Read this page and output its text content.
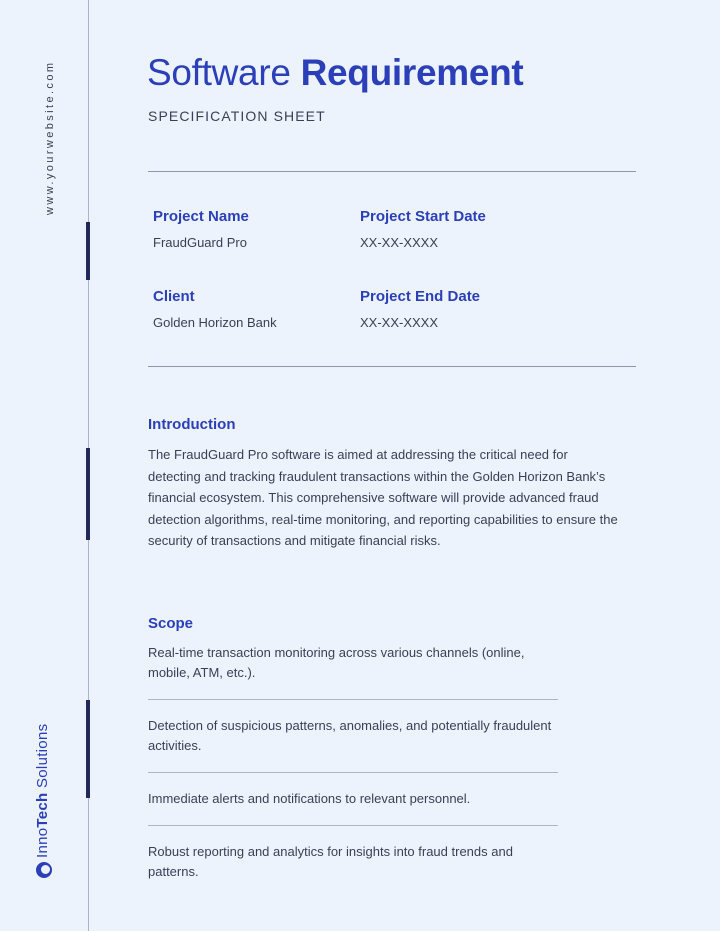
www.yourwebsite.com
InnoTech Solutions
Software Requirement
SPECIFICATION SHEET
Project Name
FraudGuard Pro
Project Start Date
XX-XX-XXXX
Client
Golden Horizon Bank
Project End Date
XX-XX-XXXX
Introduction
The FraudGuard Pro software is aimed at addressing the critical need for detecting and tracking fraudulent transactions within the Golden Horizon Bank’s financial ecosystem. This comprehensive software will provide advanced fraud detection algorithms, real-time monitoring, and reporting capabilities to ensure the security of transactions and mitigate financial risks.
Scope
Real-time transaction monitoring across various channels (online, mobile, ATM, etc.).
Detection of suspicious patterns, anomalies, and potentially fraudulent activities.
Immediate alerts and notifications to relevant personnel.
Robust reporting and analytics for insights into fraud trends and patterns.
